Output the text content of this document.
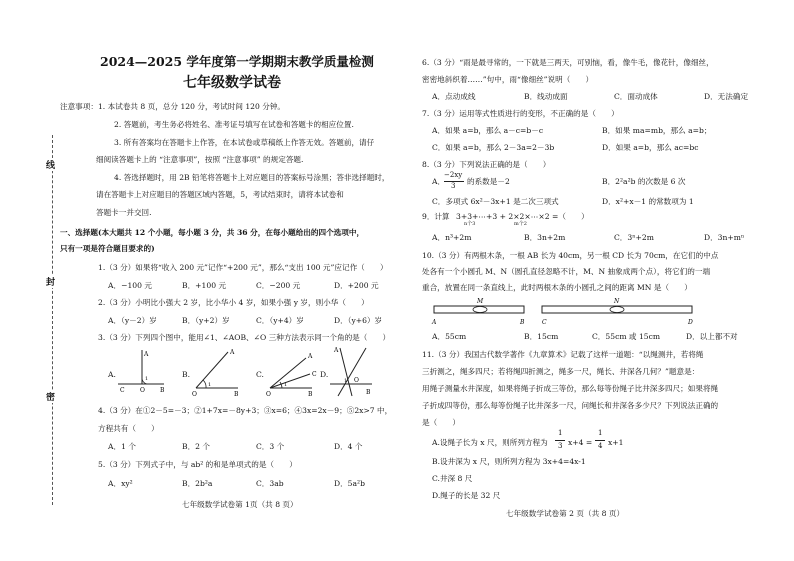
线
封
密
2024—2025 学年度第一学期期末教学质量检测
七年级数学试卷
注意事项：1. 本试卷共 8 页，总分 120 分，考试时间 120 分钟。
2. 答题前，考生务必将姓名、准考证号填写在试卷和答题卡的相应位置.
3. 所有答案均在答题卡上作答，在本试卷或草稿纸上作答无效。答题前，请仔
细阅读答题卡上的 “注意事项”，按照 “注意事项” 的规定答题.
4. 答选择题时，用 2B 铅笔将答题卡上对应题目的答案标号涂黑；答非选择题时，
请在答题卡上对应题目的答题区域内答题，5，考试结束时，请将本试卷和
答题卡一并交回.
一、选择题(本大题共 12 个小题，每小题 3 分，共 36 分，在每小题给出的四个选项中，
只有一项是符合题目要求的)
1.（3 分）如果将“收入 200 元”记作“+200 元”，那么“支出 100 元”应记作（　　）
A．−100 元	B．+100 元	C．−200 元	D．+200 元
2.（3 分）小明比小强大 2 岁，比小华小 4 岁，如果小强 y 岁，则小华（　　）
A．（y－2）岁	B．（y+2）岁	C．（y+4）岁	D．（y+6）岁
3.（3 分）下列四个图中，能用∠1、∠AOB、∠O 三种方法表示同一个角的是（　　）
A.	B.	C.	D.
A
O	B
C
1
A
O	B
1
A
O
C
B
1
A
O
B
1
4.（3 分）在①2－5=－3；②1+7x=－8y+3；③x=6；④3x=2x－9；⑤2x>7 中，
方程共有（　　）
A．1 个	B．2 个	C．3 个	D．4 个
5.（3 分）下列式子中，与 ab² 的和是单项式的是（　　）
A．xy²	B．2b²a	C．3ab	D．5a²b
七年级数学试卷第 1页（共 8 页）
6.（3 分）“雨是最寻常的，一下就是三两天，可别恼，看，像牛毛，像花针，像细丝，
密密地斜织着……”句中，雨“像细丝”说明（　　）
A．点动成线	B．线动成面	C．面动成体	D．无法确定
7.（3 分）运用等式性质进行的变形，不正确的是（　　）
A．如果 a=b，那么 a－c=b－c	B．如果 ma=mb，那么 a=b；
C．如果 a=b，那么 2－3a=2－3b	D．如果 a=b，那么 ac=bc
8.（3 分）下列说法正确的是（　　）
A．
−2xy
3 的系数是－2	B．2²a²b 的次数是 6 次
C．多项式 6x²－3x+1 是二次三项式	D．x²+x－1 的常数项为 1
9．计算 3+3+⋯+3 + 2×2×⋯×2 =（　　）
n个3	m个2
A．n³+2m	B．3n+2m	C．3ⁿ+2m	D．3n+mⁿ
10.（3 分）有两根木条，一根 AB 长为 40cm，另一根 CD 长为 70cm，在它们的中点
处各有一个小圆孔 M、N（圆孔直径忽略不计，M、N 抽象成两个点），将它们的一端
重合，放置在同一条直线上，此时两根木条的小圆孔之间的距离 MN 是（　　）
M	N
A	B	C	D
A．55cm	B．15cm	C．55cm 或 15cm	D．以上都不对
11.（3 分）我国古代数学著作《九章算术》记载了这样一道题：“以绳测井，若将绳
三折测之，绳多四尺；若将绳四折测之，绳多一尺，绳长、井深各几何？”题意是：
用绳子测量水井深度，如果将绳子折成三等份，那么每等份绳子比井深多四尺；如果将绳
子折成四等份，那么每等份绳子比井深多一尺，问绳长和井深各多少尺？下列说法正确的
是（　　）
A.设绳子长为 x 尺，则所列方程为
1
3 x+4 =
1
4 x+1
B.设井深为 x 尺，则所列方程为 3x+4=4x-1
C.井深 8 尺
D.绳子的长是 32 尺
七年级数学试卷第 2 页（共 8 页）
